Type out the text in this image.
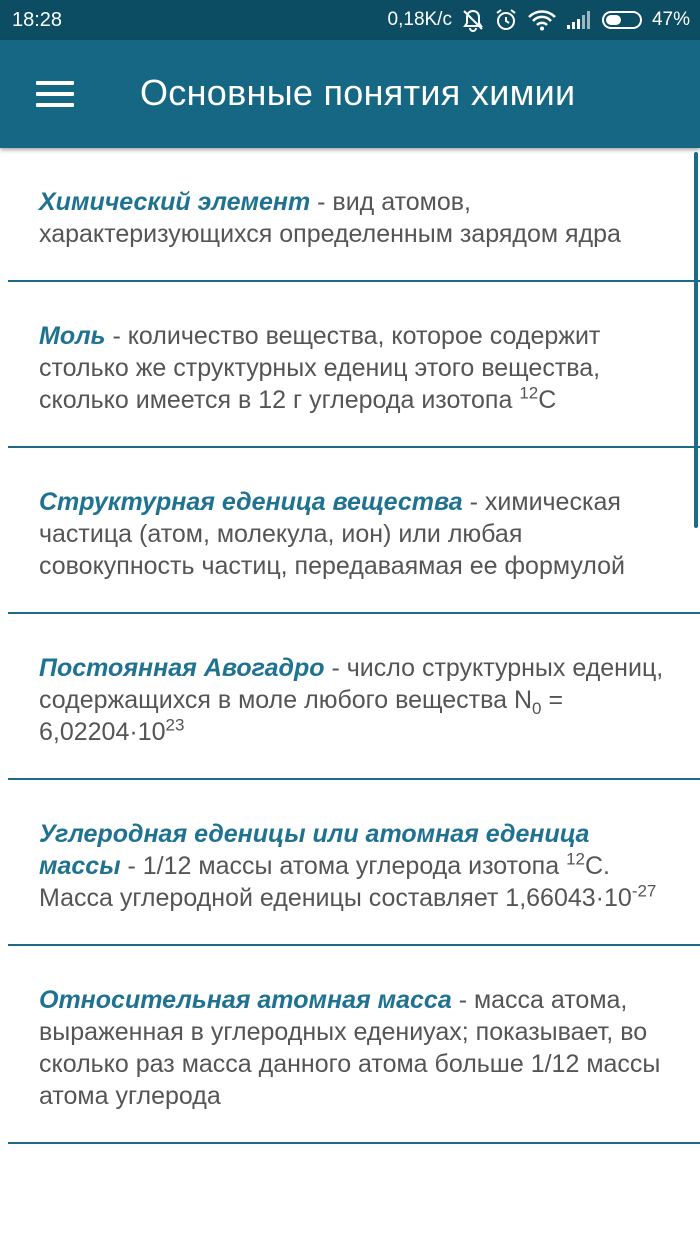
18:28	0,18K/c	47%
Основные понятия химии
Химический элемент - вид атомов, характеризующихся определенным зарядом ядра
Моль - количество вещества, которое содержит столько же структурных едениц этого вещества, сколько имеется в 12 г углерода изотопа $^{12}$C
Структурная еденица вещества - химическая частица (атом, молекула, ион) или любая совокупность частиц, передаваямая ее формулой
Постоянная Авогадро - число структурных едениц, содержащихся в моле любого вещества $N_0 = 6,02204\cdot 10^{23}$
Углеродная еденицы или атомная еденица массы - 1/12 массы атома углерода изотопа $^{12}$C. Масса углеродной еденицы составляет $1,66043\cdot 10^{-27}$
Относительная атомная масса - масса атома, выраженная в углеродных едениуах; показывает, во сколько раз масса данного атома больше 1/12 массы атома углерода
